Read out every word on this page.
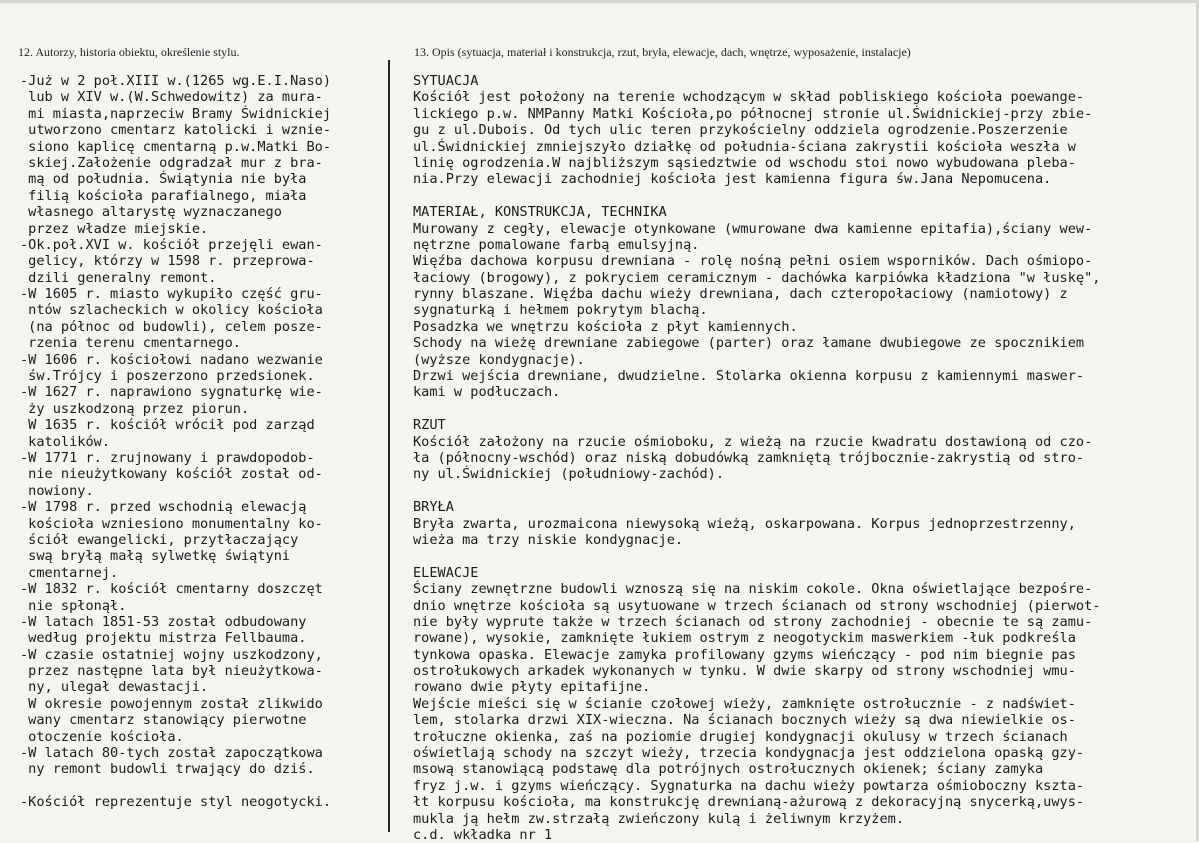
12. Autorzy, historia obiektu, określenie stylu.	13. Opis (sytuacja, materiał i konstrukcja, rzut, bryła, elewacje, dach, wnętrze, wyposażenie, instalacje)
-Już w 2 poł.XIII w.(1265 wg.E.I.Naso)
lub w XIV w.(W.Schwedowitz) za mura-
mi miasta,naprzeciw Bramy Świdnickiej
utworzono cmentarz katolicki i wznie-
siono kaplicę cmentarną p.w.Matki Bo-
skiej.Założenie odgradzał mur z bra-
mą od południa. Świątynia nie była
filią kościoła parafialnego, miała
własnego altarystę wyznaczanego
przez władze miejskie.
-Ok.poł.XVI w. kościół przejęli ewan-
gelicy, którzy w 1598 r. przeprowa-
dzili generalny remont.
-W 1605 r. miasto wykupiło część gru-
ntów szlacheckich w okolicy kościoła
(na północ od budowli), celem posze-
rzenia terenu cmentarnego.
-W 1606 r. kościołowi nadano wezwanie
św.Trójcy i poszerzono przedsionek.
-W 1627 r. naprawiono sygnaturkę wie-
ży uszkodzoną przez piorun.
W 1635 r. kościół wrócił pod zarząd
katolików.
-W 1771 r. zrujnowany i prawdopodob-
nie nieużytkowany kościół został od-
nowiony.
-W 1798 r. przed wschodnią elewacją
kościoła wzniesiono monumentalny ko-
ściół ewangelicki, przytłaczający
swą bryłą małą sylwetkę świątyni
cmentarnej.
-W 1832 r. kościół cmentarny doszczęt
nie spłonął.
-W latach 1851-53 został odbudowany
według projektu mistrza Fellbauma.
-W czasie ostatniej wojny uszkodzony,
przez następne lata był nieużytkowa-
ny, ulegał dewastacji.
W okresie powojennym został zlikwido
wany cmentarz stanowiący pierwotne
otoczenie kościoła.
-W latach 80-tych został zapoczątkowa
ny remont budowli trwający do dziś.
-Kościół reprezentuje styl neogotycki.
SYTUACJA
Kościół jest położony na terenie wchodzącym w skład pobliskiego kościoła poewange-
lickiego p.w. NMPanny Matki Kościoła,po północnej stronie ul.Świdnickiej-przy zbie-
gu z ul.Dubois. Od tych ulic teren przykościelny oddziela ogrodzenie.Poszerzenie
ul.Świdnickiej zmniejszyło działkę od południa-ściana zakrystii kościoła weszła w
linię ogrodzenia.W najbliższym sąsiedztwie od wschodu stoi nowo wybudowana pleba-
nia.Przy elewacji zachodniej kościoła jest kamienna figura św.Jana Nepomucena.
MATERIAŁ, KONSTRUKCJA, TECHNIKA
Murowany z cegły, elewacje otynkowane (wmurowane dwa kamienne epitafia),ściany wew-
nętrzne pomalowane farbą emulsyjną.
Więźba dachowa korpusu drewniana - rolę nośną pełni osiem wsporników. Dach ośmiopo-
łaciowy (brogowy), z pokryciem ceramicznym - dachówka karpiówka kładziona "w łuskę",
rynny blaszane. Więźba dachu wieży drewniana, dach czteropołaciowy (namiotowy) z
sygnaturką i hełmem pokrytym blachą.
Posadzka we wnętrzu kościoła z płyt kamiennych.
Schody na wieżę drewniane zabiegowe (parter) oraz łamane dwubiegowe ze spocznikiem
(wyższe kondygnacje).
Drzwi wejścia drewniane, dwudzielne. Stolarka okienna korpusu z kamiennymi maswer-
kami w podłuczach.
RZUT
Kościół założony na rzucie ośmioboku, z wieżą na rzucie kwadratu dostawioną od czo-
ła (północny-wschód) oraz niską dobudówką zamkniętą trójbocznie-zakrystią od stro-
ny ul.Świdnickiej (południowy-zachód).
BRYŁA
Bryła zwarta, urozmaicona niewysoką wieżą, oskarpowana. Korpus jednoprzestrzenny,
wieża ma trzy niskie kondygnacje.
ELEWACJE
Ściany zewnętrzne budowli wznoszą się na niskim cokole. Okna oświetlające bezpośre-
dnio wnętrze kościoła są usytuowane w trzech ścianach od strony wschodniej (pierwot-
nie były wyprute także w trzech ścianach od strony zachodniej - obecnie te są zamu-
rowane), wysokie, zamknięte łukiem ostrym z neogotyckim maswerkiem -łuk podkreśla
tynkowa opaska. Elewacje zamyka profilowany gzyms wieńczący - pod nim biegnie pas
ostrołukowych arkadek wykonanych w tynku. W dwie skarpy od strony wschodniej wmu-
rowano dwie płyty epitafijne.
Wejście mieści się w ścianie czołowej wieży, zamknięte ostrołucznie - z nadświet-
lem, stolarka drzwi XIX-wieczna. Na ścianach bocznych wieży są dwa niewielkie os-
trołuczne okienka, zaś na poziomie drugiej kondygnacji okulusy w trzech ścianach
oświetlają schody na szczyt wieży, trzecia kondygnacja jest oddzielona opaską gzy-
msową stanowiącą podstawę dla potrójnych ostrołucznych okienek; ściany zamyka
fryz j.w. i gzyms wieńczący. Sygnaturka na dachu wieży powtarza ośmioboczny kszta-
łt korpusu kościoła, ma konstrukcję drewnianą-ażurową z dekoracyjną snycerką,uwys-
mukla ją hełm zw.strzałą zwieńczony kulą i żeliwnym krzyżem.
c.d. wkładka nr 1
